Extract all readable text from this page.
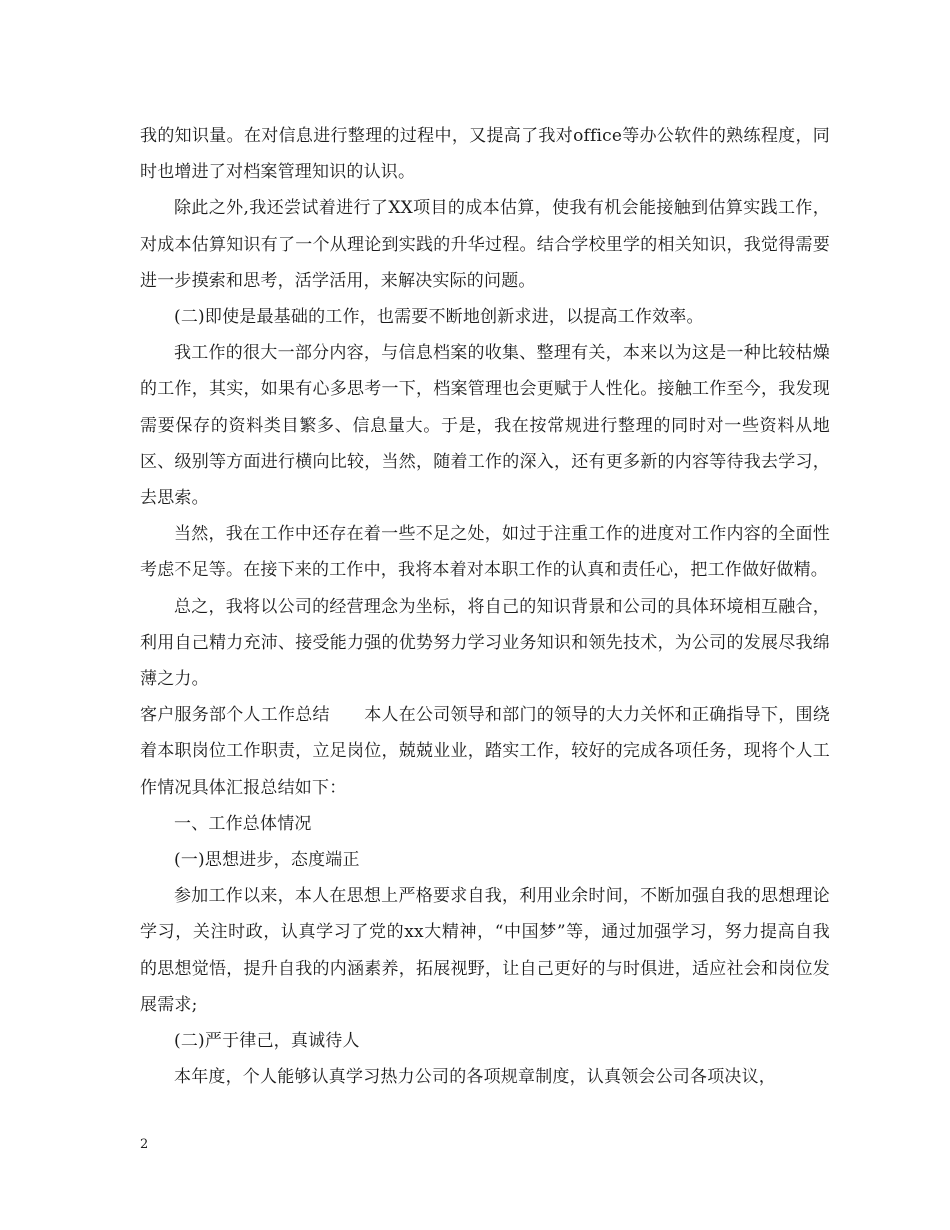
我的知识量。在对信息进行整理的过程中，又提高了我对office等办公软件的熟练程度，同时也增进了对档案管理知识的认识。

除此之外,我还尝试着进行了XX项目的成本估算，使我有机会能接触到估算实践工作，对成本估算知识有了一个从理论到实践的升华过程。结合学校里学的相关知识，我觉得需要进一步摸索和思考，活学活用，来解决实际的问题。

(二)即使是最基础的工作，也需要不断地创新求进，以提高工作效率。

我工作的很大一部分内容，与信息档案的收集、整理有关，本来以为这是一种比较枯燥的工作，其实，如果有心多思考一下，档案管理也会更赋于人性化。接触工作至今，我发现需要保存的资料类目繁多、信息量大。于是，我在按常规进行整理的同时对一些资料从地区、级别等方面进行横向比较，当然，随着工作的深入，还有更多新的内容等待我去学习，去思索。

当然，我在工作中还存在着一些不足之处，如过于注重工作的进度对工作内容的全面性考虑不足等。在接下来的工作中，我将本着对本职工作的认真和责任心，把工作做好做精。

总之，我将以公司的经营理念为坐标，将自己的知识背景和公司的具体环境相互融合，利用自己精力充沛、接受能力强的优势努力学习业务知识和领先技术，为公司的发展尽我绵薄之力。

客户服务部个人工作总结　　本人在公司领导和部门的领导的大力关怀和正确指导下，围绕着本职岗位工作职责，立足岗位，兢兢业业，踏实工作，较好的完成各项任务，现将个人工作情况具体汇报总结如下：

一、工作总体情况

(一)思想进步，态度端正

参加工作以来，本人在思想上严格要求自我，利用业余时间，不断加强自我的思想理论学习，关注时政，认真学习了党的xx大精神，“中国梦”等，通过加强学习，努力提高自我的思想觉悟，提升自我的内涵素养，拓展视野，让自己更好的与时俱进，适应社会和岗位发展需求;

(二)严于律己，真诚待人

本年度，个人能够认真学习热力公司的各项规章制度，认真领会公司各项决议，

2
